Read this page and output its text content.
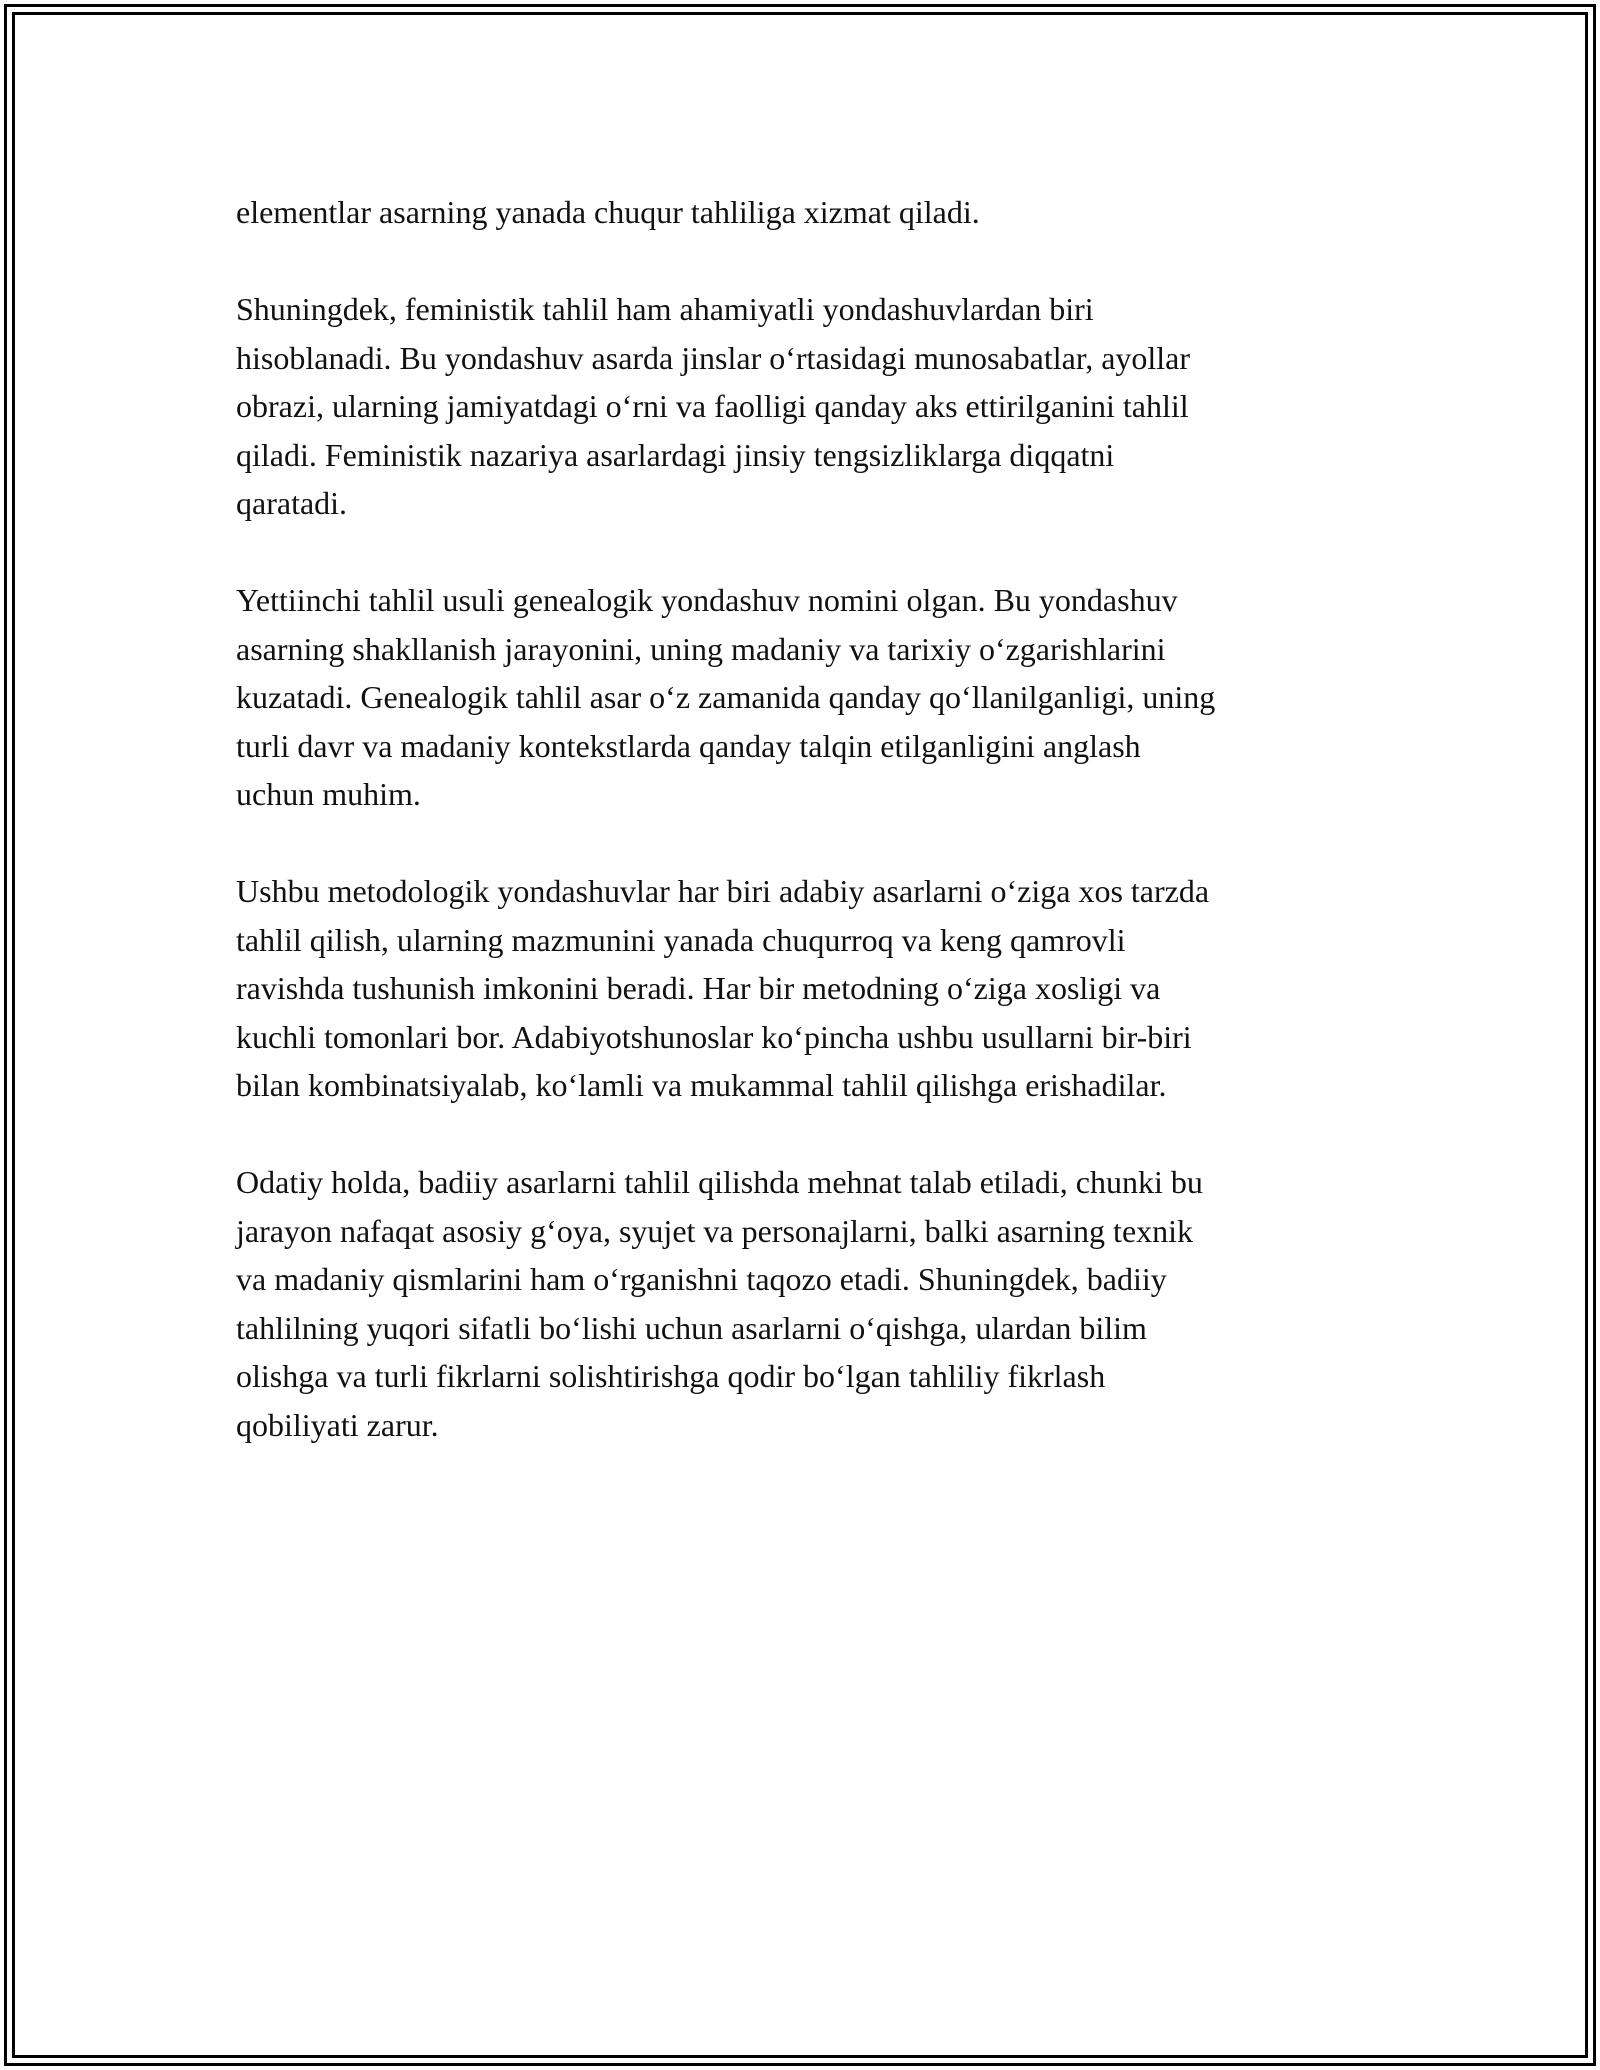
elementlar asarning yanada chuqur tahliliga xizmat qiladi.

Shuningdek, feministik tahlil ham ahamiyatli yondashuvlardan biri
hisoblanadi. Bu yondashuv asarda jinslar o‘rtasidagi munosabatlar, ayollar
obrazi, ularning jamiyatdagi o‘rni va faolligi qanday aks ettirilganini tahlil
qiladi. Feministik nazariya asarlardagi jinsiy tengsizliklarga diqqatni
qaratadi.

Yettiinchi tahlil usuli genealogik yondashuv nomini olgan. Bu yondashuv
asarning shakllanish jarayonini, uning madaniy va tarixiy o‘zgarishlarini
kuzatadi. Genealogik tahlil asar o‘z zamanida qanday qo‘llanilganligi, uning
turli davr va madaniy kontekstlarda qanday talqin etilganligini anglash
uchun muhim.

Ushbu metodologik yondashuvlar har biri adabiy asarlarni o‘ziga xos tarzda
tahlil qilish, ularning mazmunini yanada chuqurroq va keng qamrovli
ravishda tushunish imkonini beradi. Har bir metodning o‘ziga xosligi va
kuchli tomonlari bor. Adabiyotshunoslar ko‘pincha ushbu usullarni bir-biri
bilan kombinatsiyalab, ko‘lamli va mukammal tahlil qilishga erishadilar.

Odatiy holda, badiiy asarlarni tahlil qilishda mehnat talab etiladi, chunki bu
jarayon nafaqat asosiy g‘oya, syujet va personajlarni, balki asarning texnik
va madaniy qismlarini ham o‘rganishni taqozo etadi. Shuningdek, badiiy
tahlilning yuqori sifatli bo‘lishi uchun asarlarni o‘qishga, ulardan bilim
olishga va turli fikrlarni solishtirishga qodir bo‘lgan tahliliy fikrlash
qobiliyati zarur.
